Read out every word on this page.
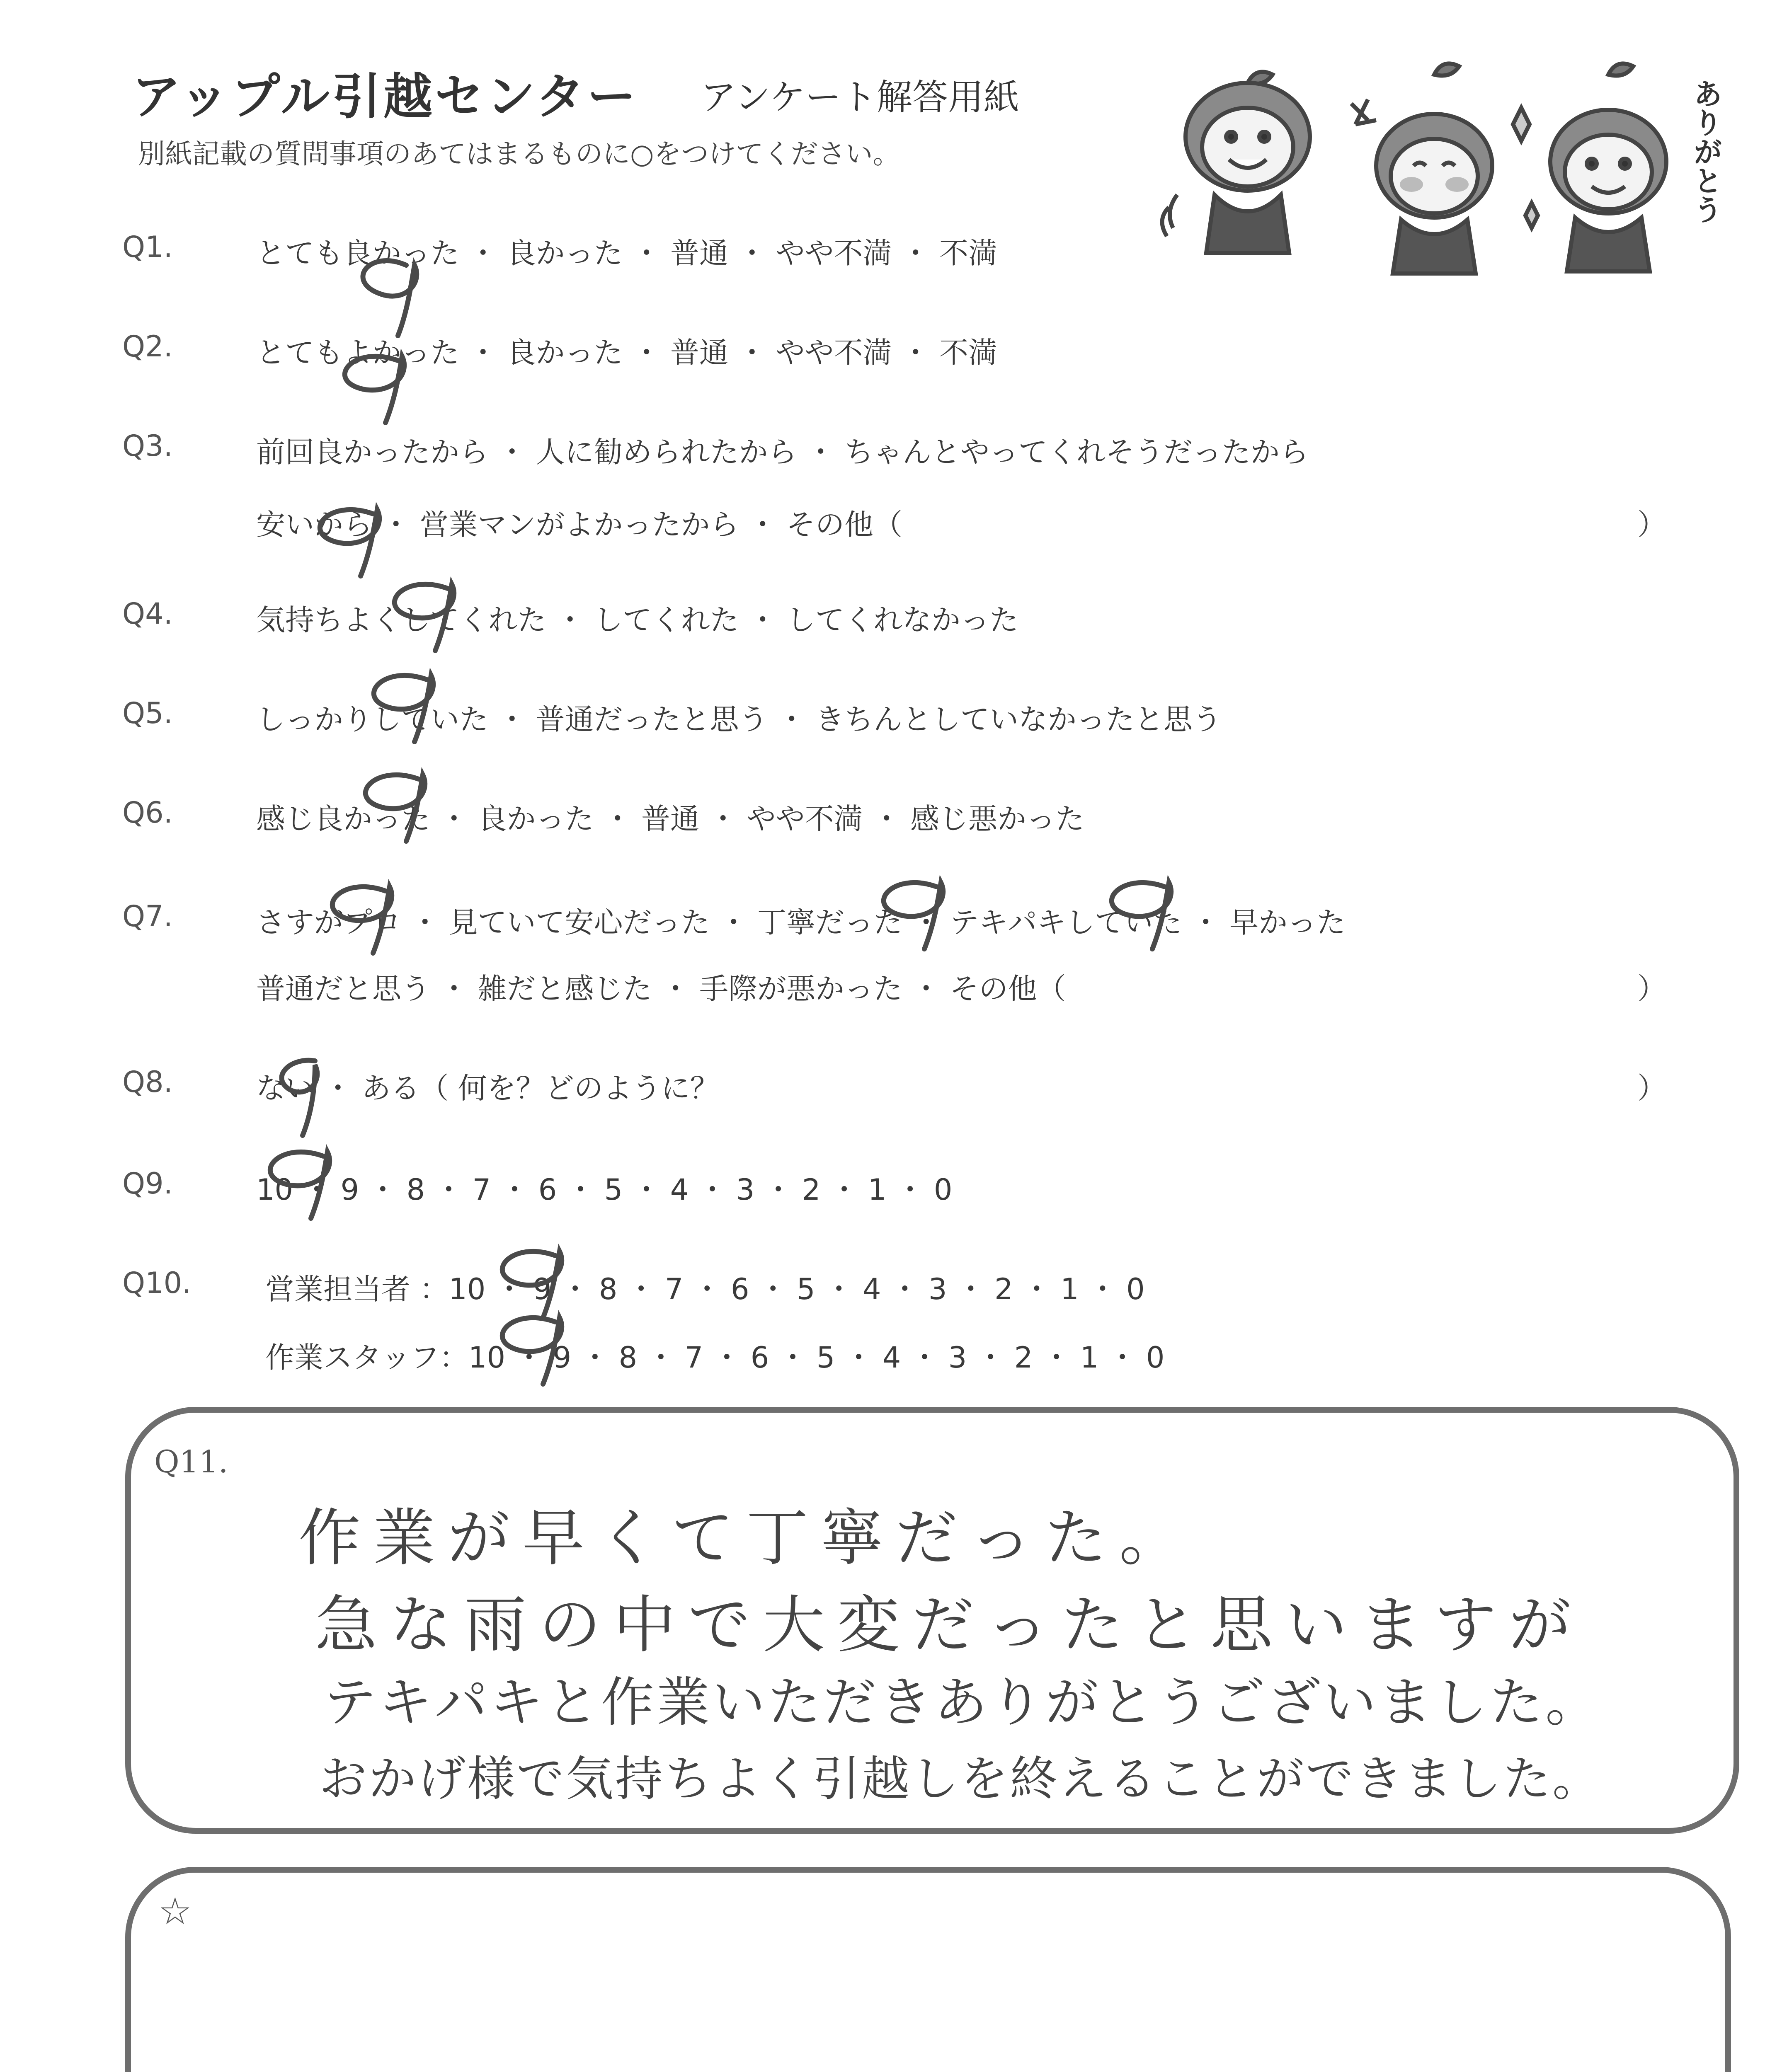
アップル引越センター アンケート解答用紙
別紙記載の質問事項のあてはまるものに○をつけてください。	ありがとう
Q1.	とても良かった ・ 良かった ・ 普通 ・ やや不満 ・ 不満
Q2.	とてもよかった ・ 良かった ・ 普通 ・ やや不満 ・ 不満
Q3.	前回良かったから ・ 人に勧められたから ・ ちゃんとやってくれそうだったから
安いから ・ 営業マンがよかったから ・ その他（	）
Q4.	気持ちよくしてくれた ・ してくれた ・ してくれなかった
Q5.	しっかりしていた ・ 普通だったと思う ・ きちんとしていなかったと思う
Q6.	感じ良かった ・ 良かった ・ 普通 ・ やや不満 ・ 感じ悪かった
Q7.	さすがプロ ・ 見ていて安心だった ・ 丁寧だった ・ テキパキしていた ・ 早かった
普通だと思う ・ 雑だと感じた ・ 手際が悪かった ・ その他（	）
Q8.	ない ・ ある（ 何を？どのように？	）
Q9.	10 ・ 9 ・ 8 ・ 7 ・ 6 ・ 5 ・ 4 ・ 3 ・ 2 ・ 1 ・ 0
Q10.	営業担当者 ：10 ・ 9 ・ 8 ・ 7 ・ 6 ・ 5 ・ 4 ・ 3 ・ 2 ・ 1 ・ 0
作業スタッフ：10 ・ 9 ・ 8 ・ 7 ・ 6 ・ 5 ・ 4 ・ 3 ・ 2 ・ 1 ・ 0
Q11.
作業が早くて丁寧だった。
急な雨の中で大変だったと思いますが
テキパキと作業いただきありがとうございました。
おかげ様で気持ちよく引越しを終えることができました。
☆
